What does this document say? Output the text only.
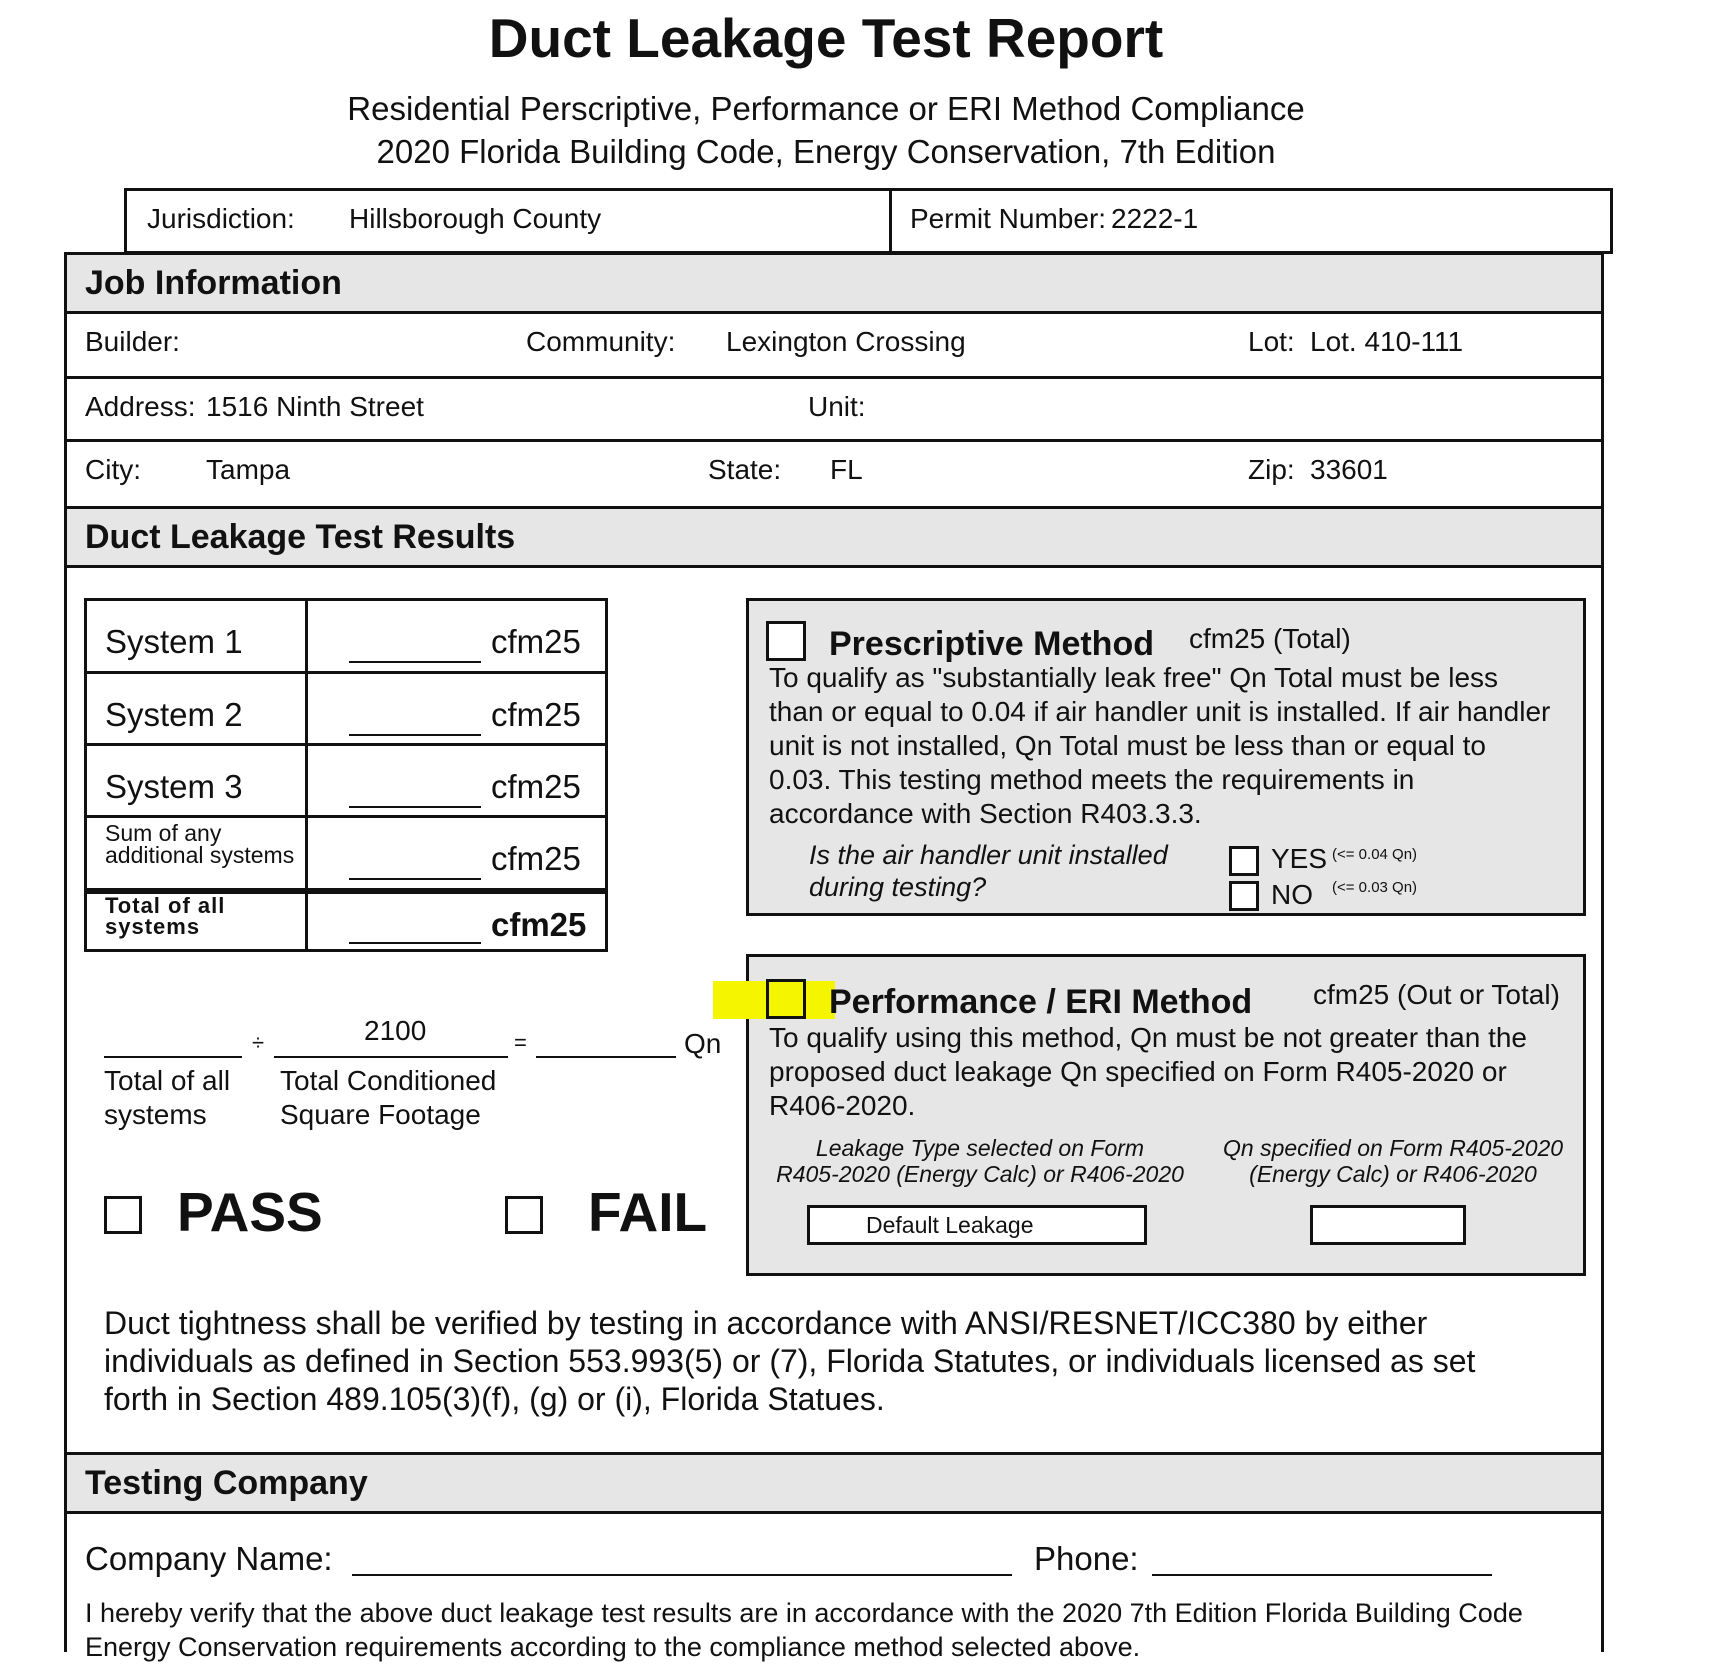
Duct Leakage Test Report
Residential Perscriptive, Performance or ERI Method Compliance
2020 Florida Building Code, Energy Conservation, 7th Edition
Jurisdiction: Hillsborough County	Permit Number: 2222-1
Job Information
Builder:	Community: Lexington Crossing	Lot: Lot. 410-111
Address: 1516 Ninth Street	Unit:
City: Tampa	State: FL	Zip: 33601
Duct Leakage Test Results
System 1	cfm25
System 2	cfm25
System 3	cfm25
Sum of any
additional systems	cfm25
Total of all
systems	cfm25
÷	2100	=	Qn
Total of all
systems
Total Conditioned
Square Footage
PASS	FAIL
Prescriptive Method cfm25 (Total)
To qualify as "substantially leak free" Qn Total must be less
than or equal to 0.04 if air handler unit is installed. If air handler
unit is not installed, Qn Total must be less than or equal to
0.03. This testing method meets the requirements in
accordance with Section R403.3.3.
Is the air handler unit installed
during testing?
YES (<= 0.04 Qn)
NO (<= 0.03 Qn)
Performance / ERI Method cfm25 (Out or Total)
To qualify using this method, Qn must be not greater than the
proposed duct leakage Qn specified on Form R405-2020 or
R406-2020.
Leakage Type selected on Form
R405-2020 (Energy Calc) or R406-2020
Qn specified on Form R405-2020
(Energy Calc) or R406-2020
Default Leakage
Duct tightness shall be verified by testing in accordance with ANSI/RESNET/ICC380 by either
individuals as defined in Section 553.993(5) or (7), Florida Statutes, or individuals licensed as set
forth in Section 489.105(3)(f), (g) or (i), Florida Statues.
Testing Company
Company Name:	Phone:
I hereby verify that the above duct leakage test results are in accordance with the 2020 7th Edition Florida Building Code
Energy Conservation requirements according to the compliance method selected above.
